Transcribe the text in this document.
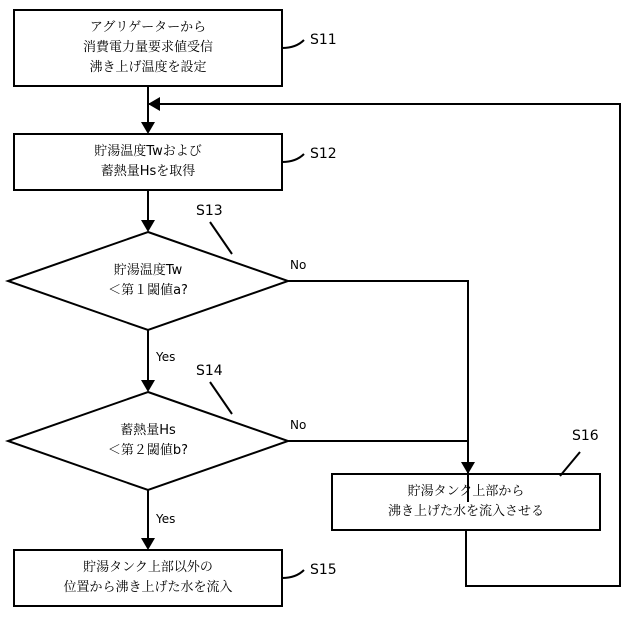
アグリゲーターから
消費電力量要求値受信
沸き上げ温度を設定
貯湯温度Twおよび
蓄熱量Hsを取得
貯湯温度Tw
＜第１閾値a?
蓄熱量Hs
＜第２閾値b?
貯湯タンク上部から
沸き上げた水を流入させる
貯湯タンク上部以外の
位置から沸き上げた水を流入
S11
S12
S13
S14
S16
S15
No
Yes
No
Yes
